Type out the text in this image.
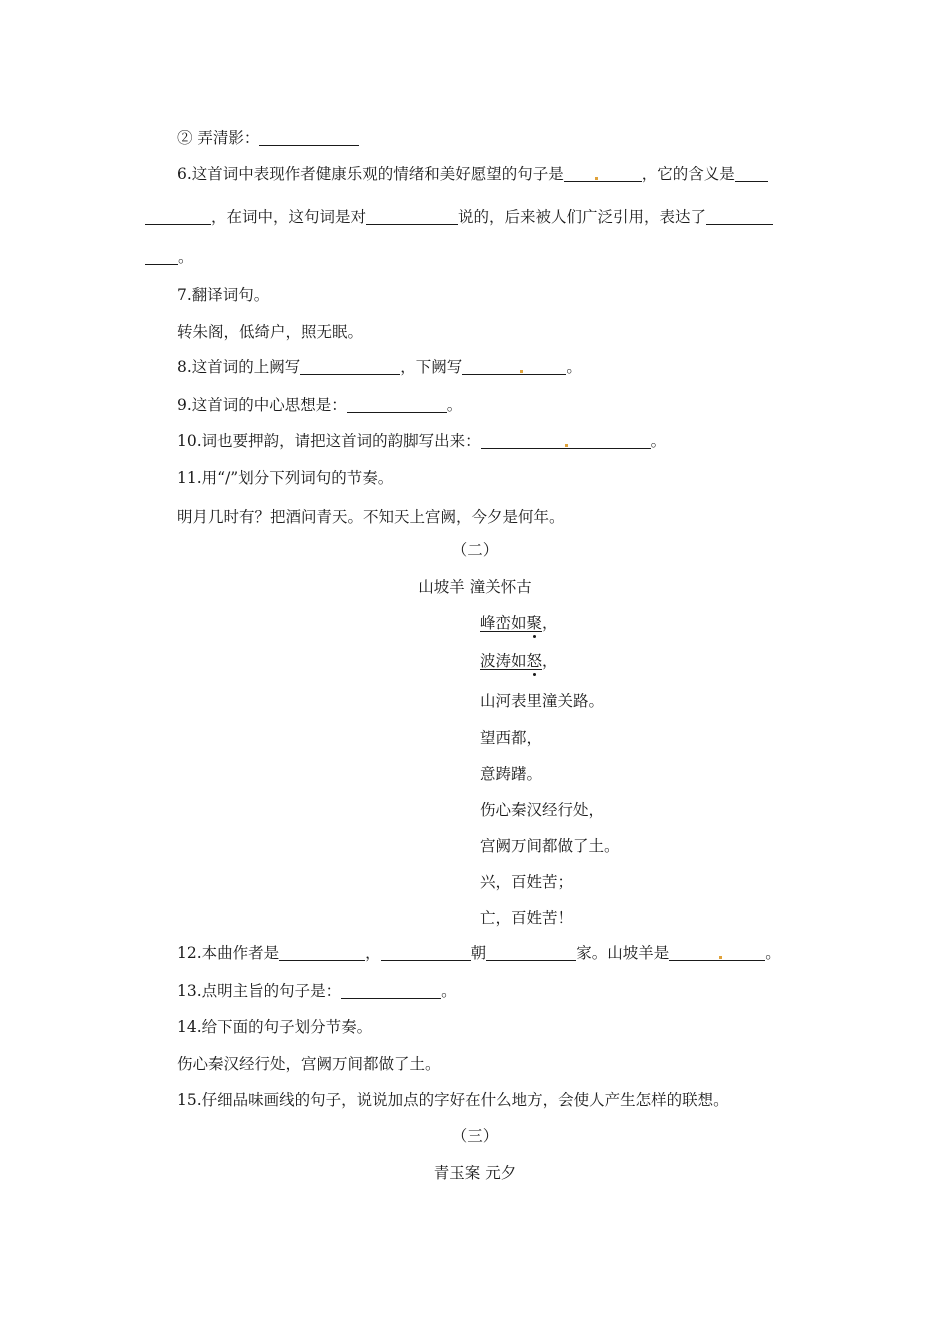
② 弄清影：
6.这首词中表现作者健康乐观的情绪和美好愿望的句子是	，它的含义是
，在词中，这句词是对	说的，后来被人们广泛引用，表达了
。
7.翻译词句。
转朱阁，低绮户，照无眠。
8.这首词的上阙写	，下阙写	。
9.这首词的中心思想是：	。
10.词也要押韵，请把这首词的韵脚写出来：	。
11.用“/”划分下列词句的节奏。
明月几时有？把酒问青天。不知天上宫阙，今夕是何年。
（二）
山坡羊 潼关怀古
峰峦如聚，
波涛如怒，
山河表里潼关路。
望西都，
意踌躇。
伤心秦汉经行处，
宫阙万间都做了土。
兴，百姓苦；
亡，百姓苦！
12.本曲作者是	，	朝	家。山坡羊是	。
13.点明主旨的句子是：	。
14.给下面的句子划分节奏。
伤心秦汉经行处，宫阙万间都做了土。
15.仔细品味画线的句子，说说加点的字好在什么地方，会使人产生怎样的联想。
（三）
青玉案 元夕
